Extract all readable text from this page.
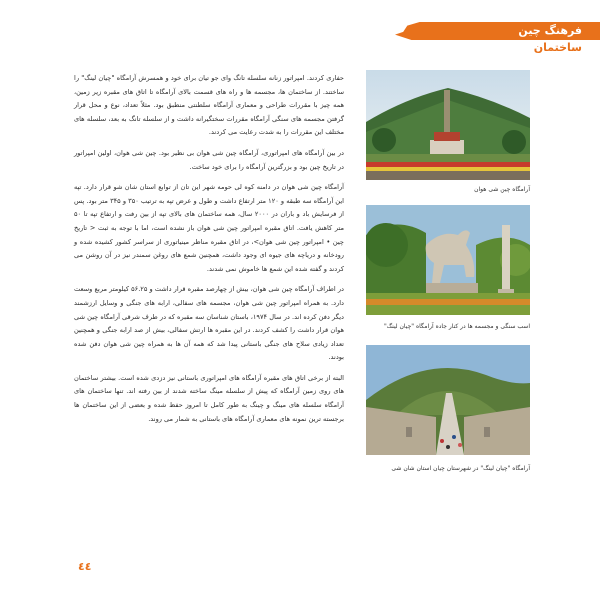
فرهنگ چین
ساختمان
آرامگاه چین شی هوان
اسب سنگی و مجسمه ها در کنار جاده آرامگاه "چیان لینگ"
آرامگاه "چیان لینگ" در شهرستان چیان استان شان شی

حفاری کردند. امپراتور زنانه سلسله تانگ وای جو تیان برای خود و همسرش آرامگاه "چیان لینگ" را ساختند. از ساختمان ها، مجسمه ها و راه های قسمت بالای آرامگاه تا اتاق های مقبره زیر زمین، همه چیز با مقررات طراحی و معماری آرامگاه سلطنتی منطبق بود. مثلاً تعداد، نوع و محل قرار گرفتن مجسمه های سنگی آرامگاه مقررات سختگیرانه داشت و از سلسله تانگ به بعد، سلسله های مختلف این مقررات را به شدت رعایت می کردند.

در بین آرامگاه های امپراتوری، آرامگاه چین شی هوان بی نظیر بود. چین شی هوان، اولین امپراتور در تاریخ چین بود و بزرگترین آرامگاه را برای خود ساخت.

آرامگاه چین شی هوان در دامنه کوه لی حومه شهر این تان از توابع استان شان شو قرار دارد. تپه این آرامگاه سه طبقه و ۱۲۰ متر ارتفاع داشت و طول و عرض تپه به ترتیب ۳۵۰ و ۳۴۵ متر بود. پس از فرسایش باد و باران در ۲۰۰۰ سال، همه ساختمان های بالای تپه از بین رفت و ارتفاع تپه تا ۵۰ متر کاهش یافت. اتاق مقبره امپراتور چین شی هوان باز نشده است، اما با توجه به ثبت < تاریخ چین • امپراتور چین شی هوان>، در اتاق مقبره مناظر مینیاتوری از سراسر کشور کشیده شده و رودخانه و دریاچه های جیوه ای وجود داشت، همچنین شمع های روغن سمندر نیز در آن روشن می کردند و گفته شده این شمع ها خاموش نمی شدند.

در اطراف آرامگاه چین شی هوان، بیش از چهارصد مقبره قرار داشت و ۵۶.۲۵ کیلومتر مربع وسعت دارد. به همراه امپراتور چین شی هوان، مجسمه های سفالی، ارابه های جنگی و وسایل ارزشمند دیگر دفن کرده اند. در سال ۱۹۷۴، باستان شناسان سه مقبره که در طرف شرقی آرامگاه چین شی هوان قرار داشت را کشف کردند. در این مقبره ها ارتش سفالی، بیش از صد ارابه جنگی و همچنین تعداد زیادی سلاح های جنگی باستانی پیدا شد که همه آن ها به همراه چین شی هوان دفن شده بودند.

البته از برخی اتاق های مقبره آرامگاه های امپراتوری باستانی نیز دزدی شده است. بیشتر ساختمان های روی زمین آرامگاه که پیش از سلسله مینگ ساخته شدند از بین رفته اند. تنها ساختمان های آرامگاه سلسله های مینگ و چینگ به طور کامل تا امروز حفظ شده و بعضی از این ساختمان ها برجسته ترین نمونه های معماری آرامگاه های باستانی به شمار می روند.

٤٤
